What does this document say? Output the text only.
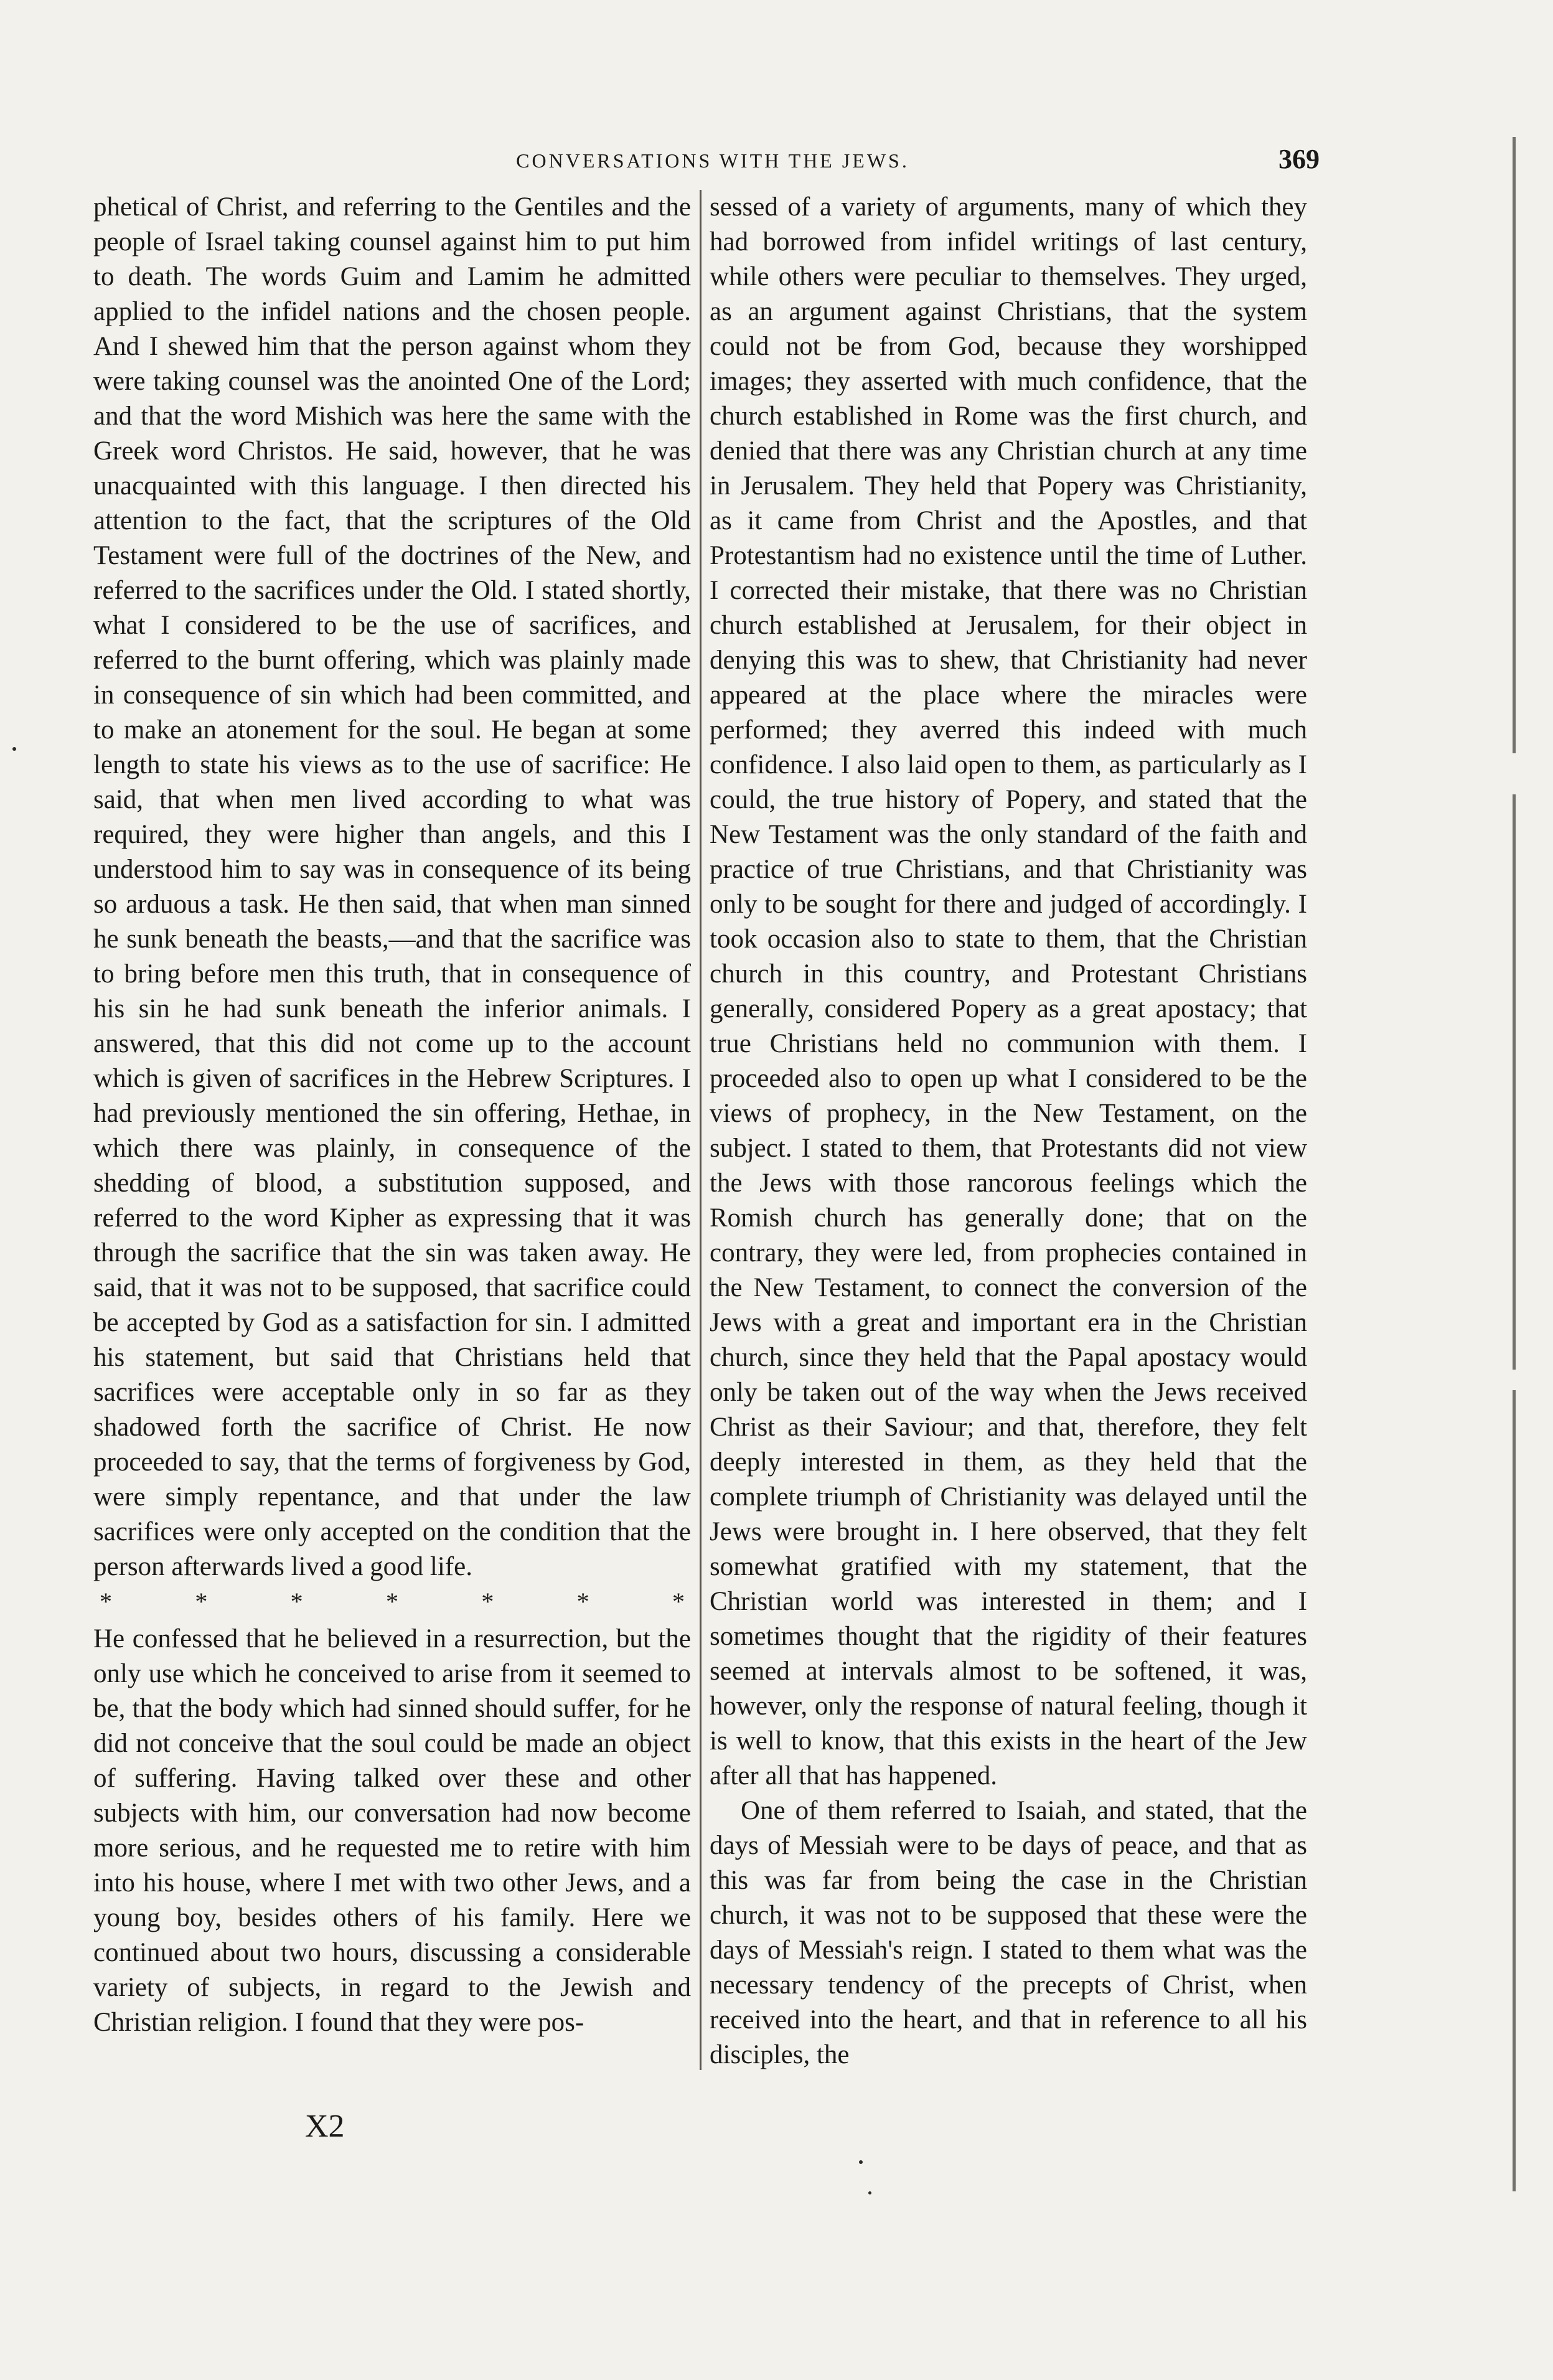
CONVERSATIONS WITH THE JEWS.	369

phetical of Christ, and referring to the Gentiles and the people of Israel taking counsel against him to put him to death. The words Guim and Lamim he admitted applied to the infidel nations and the chosen people. And I shewed him that the person against whom they were taking counsel was the anointed One of the Lord; and that the word Mishich was here the same with the Greek word Christos. He said, however, that he was unacquainted with this language. I then directed his attention to the fact, that the scriptures of the Old Testament were full of the doctrines of the New, and referred to the sacrifices under the Old. I stated shortly, what I considered to be the use of sacrifices, and referred to the burnt offering, which was plainly made in consequence of sin which had been committed, and to make an atonement for the soul. He began at some length to state his views as to the use of sacrifice: He said, that when men lived according to what was required, they were higher than angels, and this I understood him to say was in consequence of its being so arduous a task. He then said, that when man sinned he sunk beneath the beasts,—and that the sacrifice was to bring before men this truth, that in consequence of his sin he had sunk beneath the inferior animals. I answered, that this did not come up to the account which is given of sacrifices in the Hebrew Scriptures. I had previously mentioned the sin offering, Hethae, in which there was plainly, in consequence of the shedding of blood, a substitution supposed, and referred to the word Kipher as expressing that it was through the sacrifice that the sin was taken away. He said, that it was not to be supposed, that sacrifice could be accepted by God as a satisfaction for sin. I admitted his statement, but said that Christians held that sacrifices were acceptable only in so far as they shadowed forth the sacrifice of Christ. He now proceeded to say, that the terms of forgiveness by God, were simply repentance, and that under the law sacrifices were only accepted on the condition that the person afterwards lived a good life.

*	*	*	*	*	*	*

He confessed that he believed in a resurrection, but the only use which he conceived to arise from it seemed to be, that the body which had sinned should suffer, for he did not conceive that the soul could be made an object of suffering. Having talked over these and other subjects with him, our conversation had now become more serious, and he requested me to retire with him into his house, where I met with two other Jews, and a young boy, besides others of his family. Here we continued about two hours, discussing a considerable variety of subjects, in regard to the Jewish and Christian religion. I found that they were pos-

sessed of a variety of arguments, many of which they had borrowed from infidel writings of last century, while others were peculiar to themselves. They urged, as an argument against Christians, that the system could not be from God, because they worshipped images; they asserted with much confidence, that the church established in Rome was the first church, and denied that there was any Christian church at any time in Jerusalem. They held that Popery was Christianity, as it came from Christ and the Apostles, and that Protestantism had no existence until the time of Luther. I corrected their mistake, that there was no Christian church established at Jerusalem, for their object in denying this was to shew, that Christianity had never appeared at the place where the miracles were performed; they averred this indeed with much confidence. I also laid open to them, as particularly as I could, the true history of Popery, and stated that the New Testament was the only standard of the faith and practice of true Christians, and that Christianity was only to be sought for there and judged of accordingly. I took occasion also to state to them, that the Christian church in this country, and Protestant Christians generally, considered Popery as a great apostacy; that true Christians held no communion with them. I proceeded also to open up what I considered to be the views of prophecy, in the New Testament, on the subject. I stated to them, that Protestants did not view the Jews with those rancorous feelings which the Romish church has generally done; that on the contrary, they were led, from prophecies contained in the New Testament, to connect the conversion of the Jews with a great and important era in the Christian church, since they held that the Papal apostacy would only be taken out of the way when the Jews received Christ as their Saviour; and that, therefore, they felt deeply interested in them, as they held that the complete triumph of Christianity was delayed until the Jews were brought in. I here observed, that they felt somewhat gratified with my statement, that the Christian world was interested in them; and I sometimes thought that the rigidity of their features seemed at intervals almost to be softened, it was, however, only the response of natural feeling, though it is well to know, that this exists in the heart of the Jew after all that has happened.

One of them referred to Isaiah, and stated, that the days of Messiah were to be days of peace, and that as this was far from being the case in the Christian church, it was not to be supposed that these were the days of Messiah's reign. I stated to them what was the necessary tendency of the precepts of Christ, when received into the heart, and that in reference to all his disciples, the

X2
